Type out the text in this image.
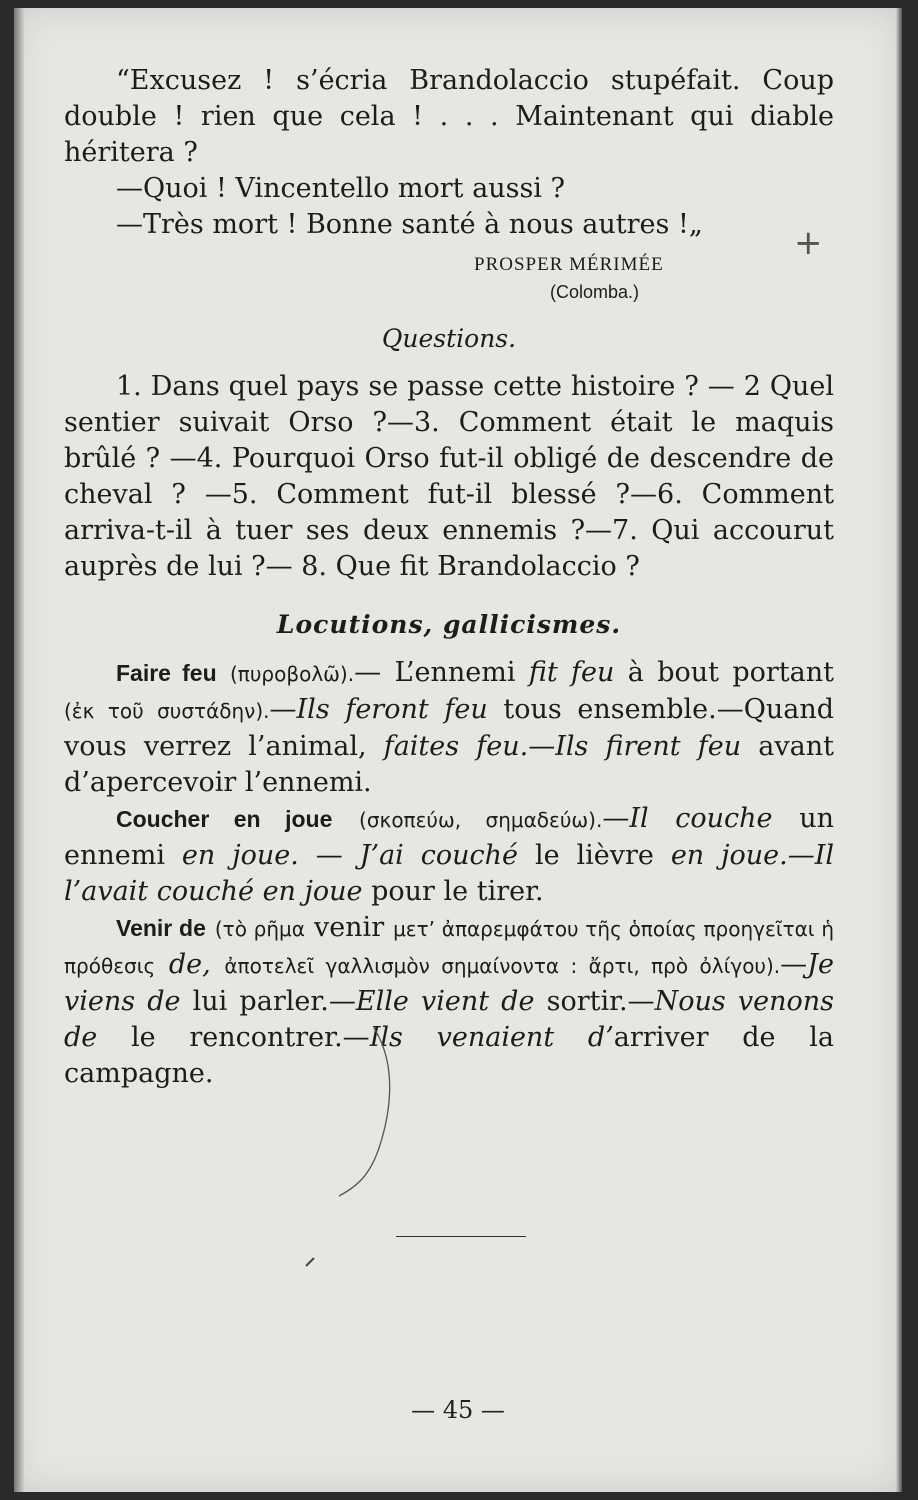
“Excusez ! s’écria Brandolaccio stupéfait. Coup double ! rien que cela ! . . . Maintenant qui diable héritera ?

—Quoi ! Vincentello mort aussi ?

—Très mort ! Bonne santé à nous autres !„

PROSPER MÉRIMÉE
(Colomba.)
Questions.

1. Dans quel pays se passe cette histoire ? — 2 Quel sentier suivait Orso ?—3. Comment était le maquis brûlé ? —4. Pourquoi Orso fut-il obligé de descendre de cheval ? —5. Comment fut-il blessé ?—6. Comment arriva-t-il à tuer ses deux ennemis ?—7. Qui accourut auprès de lui ?— 8. Que fit Brandolaccio ?

Locutions, gallicismes.

Faire feu (πυροβολῶ).— L’ennemi fit feu à bout portant (ἐκ τοῦ συστάδην).—Ils feront feu tous ensemble.—Quand vous verrez l’animal, faites feu.—Ils firent feu avant d’apercevoir l’ennemi.

Coucher en joue (σκοπεύω, σημαδεύω).—Il couche un ennemi en joue. — J’ai couché le lièvre en joue.—Il l’avait couché en joue pour le tirer.

Venir de (τὸ ρῆμα venir μετ’ ἀπαρεμφάτου τῆς ὁποίας προηγεῖται ἡ πρόθεσις de, ἀποτελεῖ γαλλισμὸν σημαίνοντα : ἄρτι, πρὸ ὀλίγου).—Je viens de lui parler.—Elle vient de sortir.—Nous venons de le rencontrer.—Ils venaient d’arriver de la campagne.

+
— 45 —
